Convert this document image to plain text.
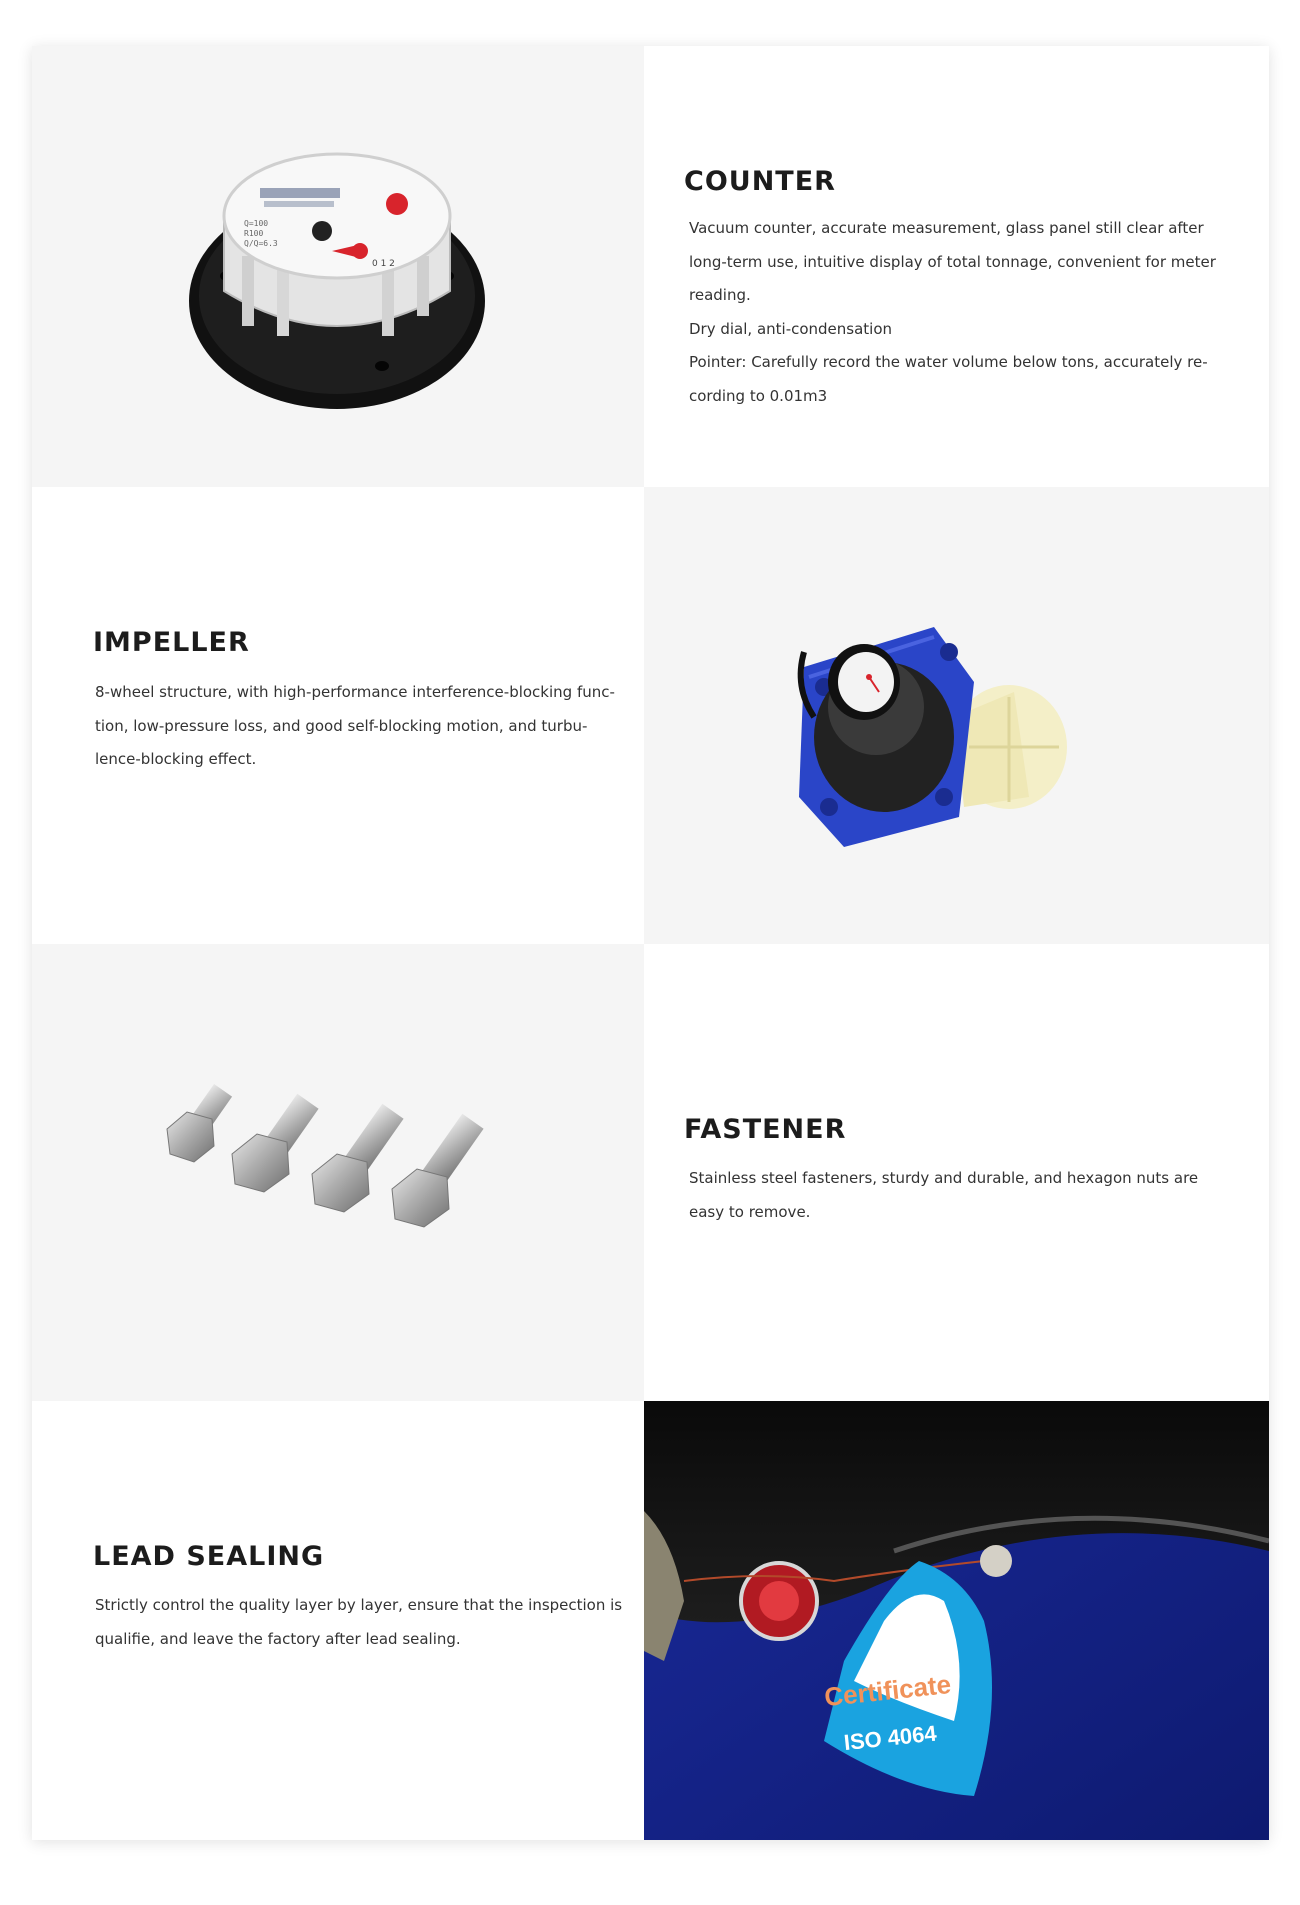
Q=100
R100
Q/Q=6.3
0 1 2
COUNTER

Vacuum counter, accurate measurement, glass panel still clear after long-term use, intuitive display of total tonnage, convenient for meter reading.

Dry dial, anti-condensation

Pointer: Carefully record the water volume below tons, accurately re-cording to 0.01m3

IMPELLER

8-wheel structure, with high-performance interference-blocking func-tion, low-pressure loss, and good self-blocking motion, and turbu-lence-blocking effect.

FASTENER

Stainless steel fasteners, sturdy and durable, and hexagon nuts are easy to remove.

LEAD SEALING

Strictly control the quality layer by layer, ensure that the inspection is qualifie, and leave the factory after lead sealing.

Certificate
ISO 4064
